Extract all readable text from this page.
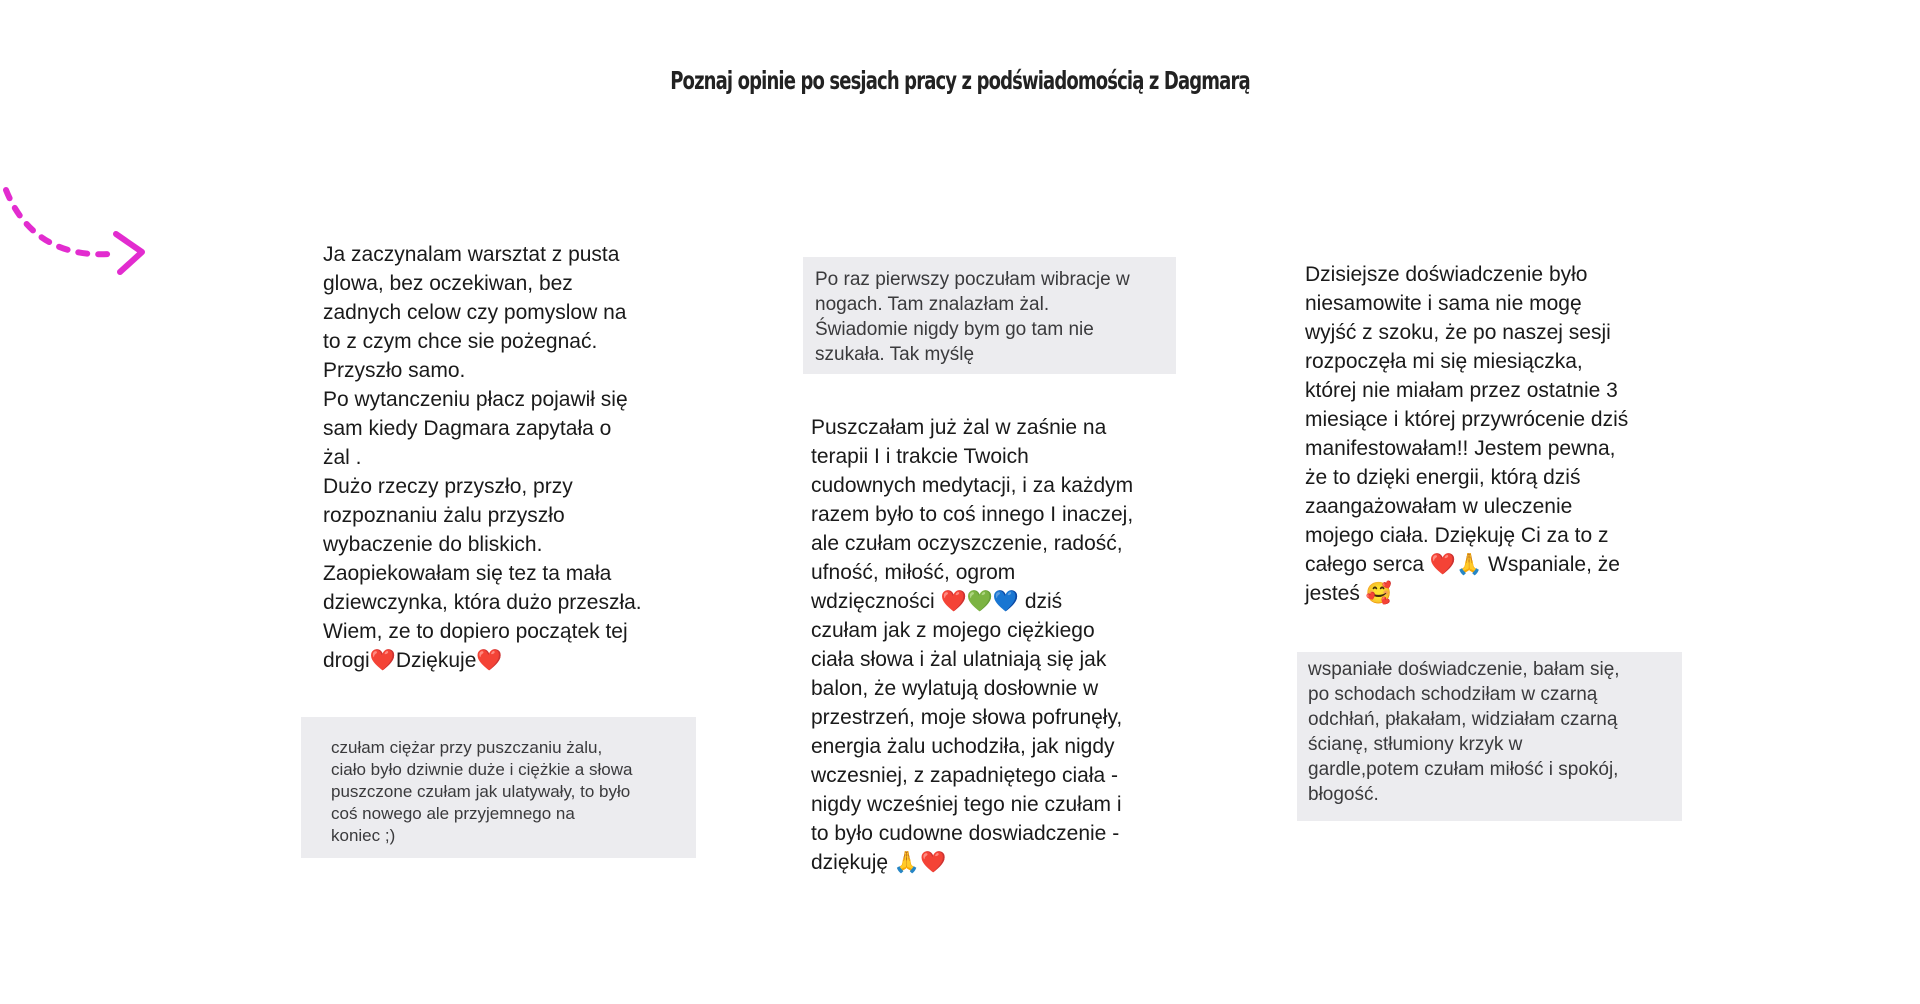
Poznaj opinie po sesjach pracy z podświadomością z Dagmarą
Ja zaczynalam warsztat z pusta
glowa, bez oczekiwan, bez
zadnych celow czy pomyslow na
to z czym chce sie pożegnać.
Przyszło samo.
Po wytanczeniu płacz pojawił się
sam kiedy Dagmara zapytała o
żal .
Dużo rzeczy przyszło, przy
rozpoznaniu żalu przyszło
wybaczenie do bliskich.
Zaopiekowałam się tez ta mała
dziewczynka, która dużo przeszła.
Wiem, ze to dopiero początek tej
drogi❤️Dziękuje❤️
czułam ciężar przy puszczaniu żalu,
ciało było dziwnie duże i ciężkie a słowa
puszczone czułam jak ulatywały, to było
coś nowego ale przyjemnego na
koniec ;)
Po raz pierwszy poczułam wibracje w
nogach. Tam znalazłam żal.
Świadomie nigdy bym go tam nie
szukała. Tak myślę
Puszczałam już żal w zaśnie na
terapii I i trakcie Twoich
cudownych medytacji, i za każdym
razem było to coś innego I inaczej,
ale czułam oczyszczenie, radość,
ufność, miłość, ogrom
wdzięczności ❤️💚💙 dziś
czułam jak z mojego ciężkiego
ciała słowa i żal ulatniają się jak
balon, że wylatują dosłownie w
przestrzeń, moje słowa pofrunęły,
energia żalu uchodziła, jak nigdy
wczesniej, z zapadniętego ciała -
nigdy wcześniej tego nie czułam i
to było cudowne doswiadczenie -
dziękuję 🙏❤️
Dzisiejsze doświadczenie było
niesamowite i sama nie mogę
wyjść z szoku, że po naszej sesji
rozpoczęła mi się miesiączka,
której nie miałam przez ostatnie 3
miesiące i której przywrócenie dziś
manifestowałam!! Jestem pewna,
że to dzięki energii, którą dziś
zaangażowałam w uleczenie
mojego ciała. Dziękuję Ci za to z
całego serca ❤️🙏 Wspaniale, że
jesteś 🥰
wspaniałe doświadczenie, bałam się,
po schodach schodziłam w czarną
odchłań, płakałam, widziałam czarną
ścianę, stłumiony krzyk w
gardle,potem czułam miłość i spokój,
błogość.
